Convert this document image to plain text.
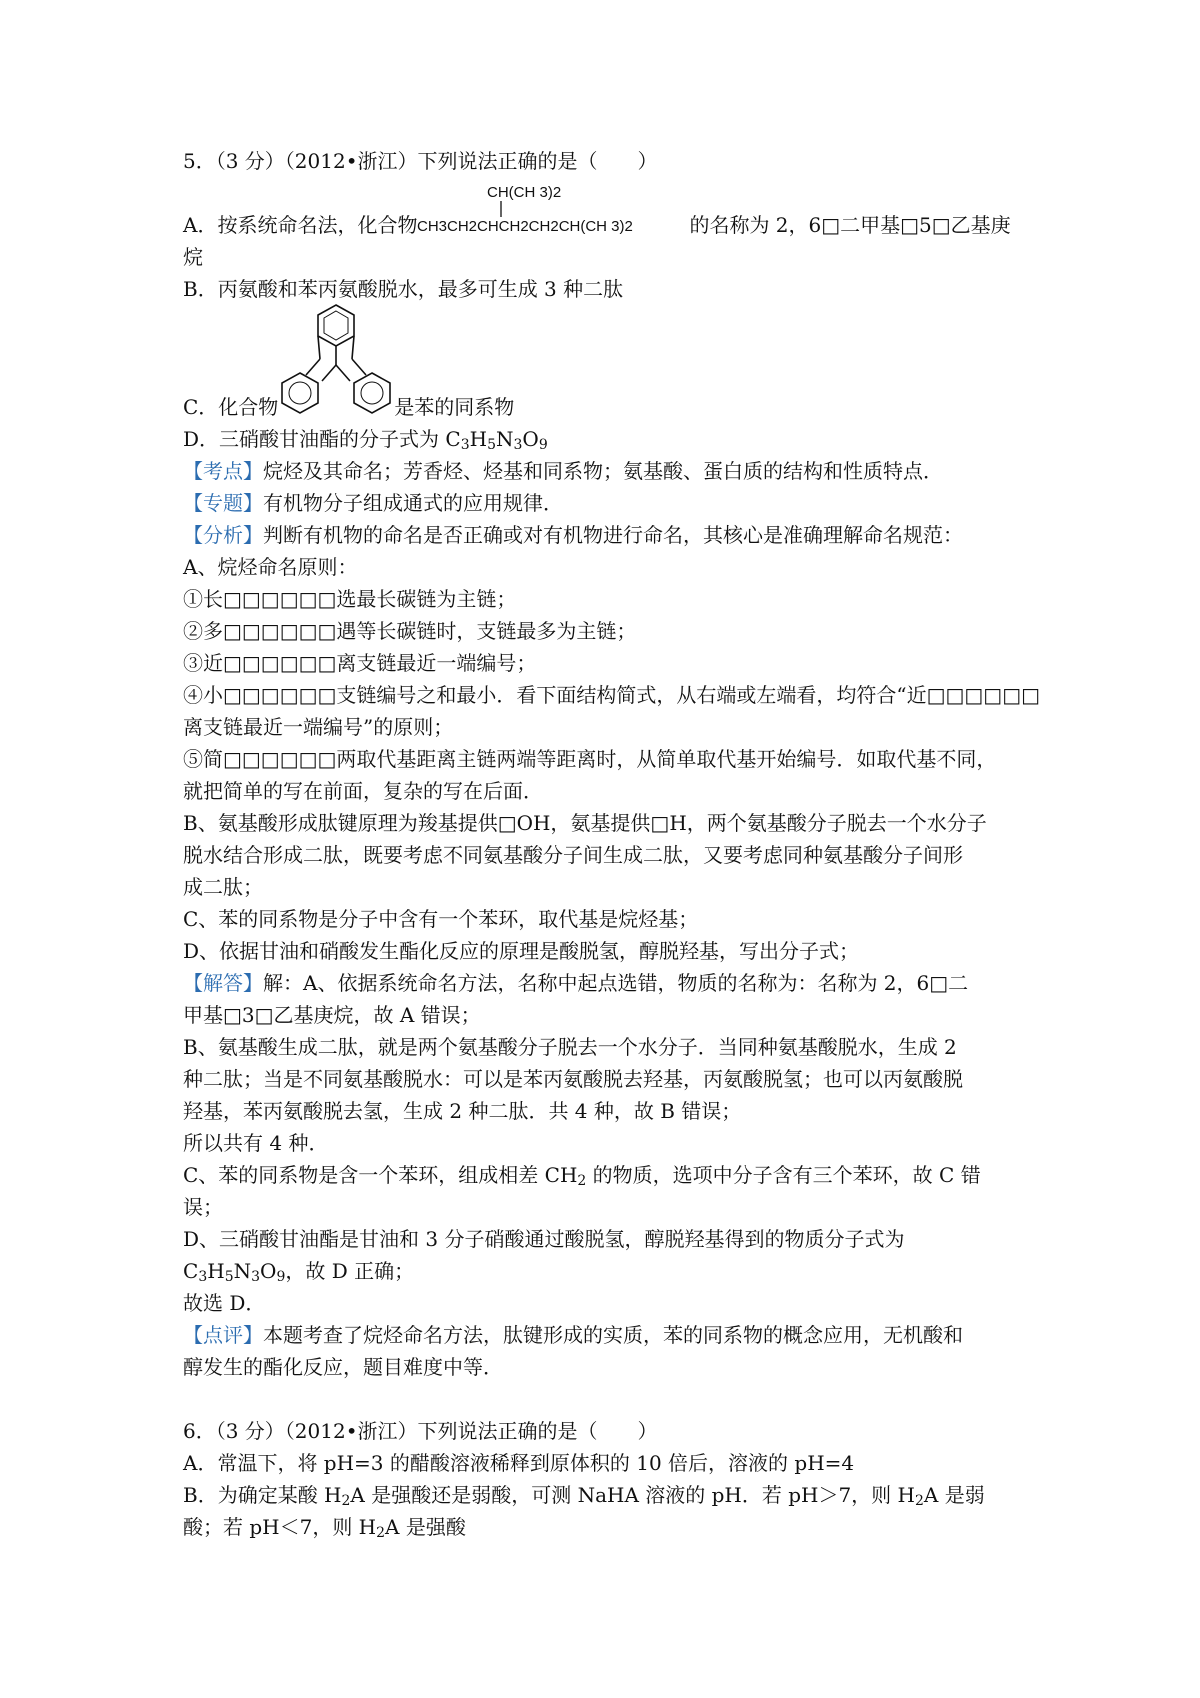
5．（3 分）（2012•浙江）下列说法正确的是（　　）
A．按系统命名法，化合物
CH(CH 3)2
CH3CH2CHCH2CH2CH(CH 3)2	的名称为 2，6□二甲基□5□乙基庚
烷
B．丙氨酸和苯丙氨酸脱水，最多可生成 3 种二肽
C．化合物	是苯的同系物
D．三硝酸甘油酯的分子式为 $C_3H_5N_3O_9$
【考点】烷烃及其命名；芳香烃、烃基和同系物；氨基酸、蛋白质的结构和性质特点．
【专题】有机物分子组成通式的应用规律．
【分析】判断有机物的命名是否正确或对有机物进行命名，其核心是准确理解命名规范：
A、烷烃命名原则：
①长□□□□□□选最长碳链为主链；
②多□□□□□□遇等长碳链时，支链最多为主链；
③近□□□□□□离支链最近一端编号；
④小□□□□□□支链编号之和最小．看下面结构简式，从右端或左端看，均符合“近□□□□□□
离支链最近一端编号”的原则；
⑤简□□□□□□两取代基距离主链两端等距离时，从简单取代基开始编号．如取代基不同，
就把简单的写在前面，复杂的写在后面．
B、氨基酸形成肽键原理为羧基提供□OH，氨基提供□H，两个氨基酸分子脱去一个水分子
脱水结合形成二肽，既要考虑不同氨基酸分子间生成二肽，又要考虑同种氨基酸分子间形
成二肽；
C、苯的同系物是分子中含有一个苯环，取代基是烷烃基；
D、依据甘油和硝酸发生酯化反应的原理是酸脱氢，醇脱羟基，写出分子式；
【解答】解：A、依据系统命名方法，名称中起点选错，物质的名称为：名称为 2，6□二
甲基□3□乙基庚烷，故 A 错误；
B、氨基酸生成二肽，就是两个氨基酸分子脱去一个水分子．当同种氨基酸脱水，生成 2
种二肽；当是不同氨基酸脱水：可以是苯丙氨酸脱去羟基，丙氨酸脱氢；也可以丙氨酸脱
羟基，苯丙氨酸脱去氢，生成 2 种二肽．共 4 种，故 B 错误；
所以共有 4 种．
C、苯的同系物是含一个苯环，组成相差 $CH_2$ 的物质，选项中分子含有三个苯环，故 C 错
误；
D、三硝酸甘油酯是甘油和 3 分子硝酸通过酸脱氢，醇脱羟基得到的物质分子式为
$C_3H_5N_3O_9$，故 D 正确；
故选 D．
【点评】本题考查了烷烃命名方法，肽键形成的实质，苯的同系物的概念应用，无机酸和
醇发生的酯化反应，题目难度中等．
6．（3 分）（2012•浙江）下列说法正确的是（　　）
A．常温下，将 pH=3 的醋酸溶液稀释到原体积的 10 倍后，溶液的 pH=4
B．为确定某酸 $H_2A$ 是强酸还是弱酸，可测 NaHA 溶液的 pH．若 pH＞7，则 $H_2A$ 是弱
酸；若 pH＜7，则 $H_2A$ 是强酸
